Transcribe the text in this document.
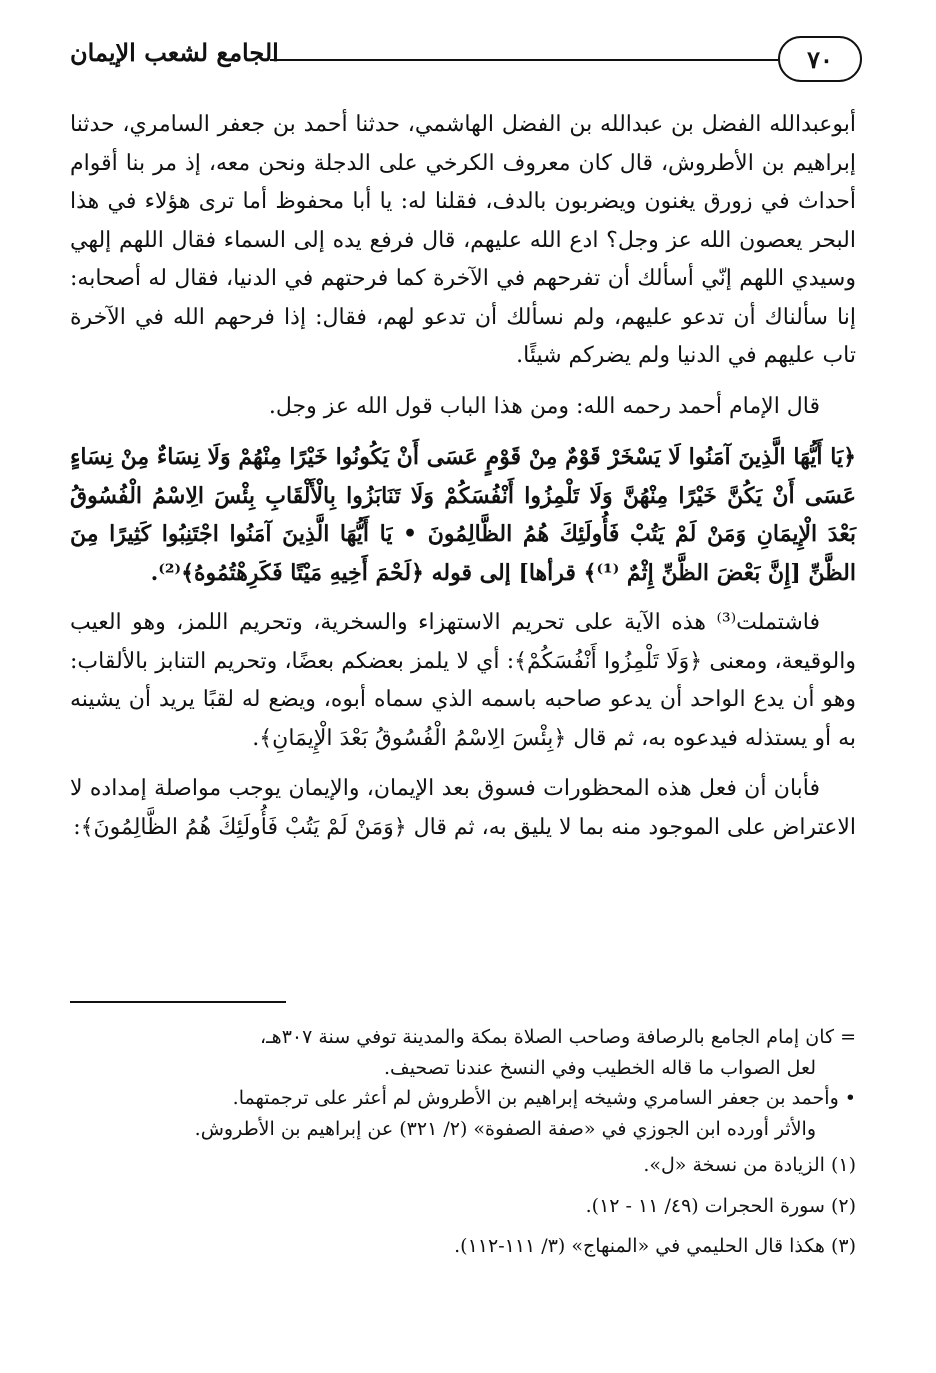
٧٠
الجامع لشعب الإيمان

أبوعبدالله الفضل بن عبدالله بن الفضل الهاشمي، حدثنا أحمد بن جعفر السامري، حدثنا إبراهيم بن الأطروش، قال كان معروف الكرخي على الدجلة ونحن معه، إذ مر بنا أقوام أحداث في زورق يغنون ويضربون بالدف، فقلنا له: يا أبا محفوظ أما ترى هؤلاء في هذا البحر يعصون الله عز وجل؟ ادع الله عليهم، قال فرفع يده إلى السماء فقال اللهم إلهي وسيدي اللهم إنّي أسألك أن تفرحهم في الآخرة كما فرحتهم في الدنيا، فقال له أصحابه: إنا سألناك أن تدعو عليهم، ولم نسألك أن تدعو لهم، فقال: إذا فرحهم الله في الآخرة تاب عليهم في الدنيا ولم يضركم شيئًا.

قال الإمام أحمد رحمه الله: ومن هذا الباب قول الله عز وجل.

﴿يَا أَيُّهَا الَّذِينَ آمَنُوا لَا يَسْخَرْ قَوْمٌ مِنْ قَوْمٍ عَسَى أَنْ يَكُونُوا خَيْرًا مِنْهُمْ وَلَا نِسَاءٌ مِنْ نِسَاءٍ عَسَى أَنْ يَكُنَّ خَيْرًا مِنْهُنَّ وَلَا تَلْمِزُوا أَنْفُسَكُمْ وَلَا تَنَابَزُوا بِالْأَلْقَابِ بِئْسَ الِاسْمُ الْفُسُوقُ بَعْدَ الْإِيمَانِ وَمَنْ لَمْ يَتُبْ فَأُولَئِكَ هُمُ الظَّالِمُونَ • يَا أَيُّهَا الَّذِينَ آمَنُوا اجْتَنِبُوا كَثِيرًا مِنَ الظَّنِّ [إِنَّ بَعْضَ الظَّنِّ إِثْمٌ ⁽¹⁾﴾ قرأها] إلى قوله ﴿لَحْمَ أَخِيهِ مَيْتًا فَكَرِهْتُمُوهُ﴾⁽²⁾.

فاشتملت⁽³⁾ هذه الآية على تحريم الاستهزاء والسخرية، وتحريم اللمز، وهو العيب والوقيعة، ومعنى ﴿وَلَا تَلْمِزُوا أَنْفُسَكُمْ﴾: أي لا يلمز بعضكم بعضًا، وتحريم التنابز بالألقاب: وهو أن يدع الواحد أن يدعو صاحبه باسمه الذي سماه أبوه، ويضع له لقبًا يريد أن يشينه به أو يستذله فيدعوه به، ثم قال ﴿بِئْسَ الِاسْمُ الْفُسُوقُ بَعْدَ الْإِيمَانِ﴾.

فأبان أن فعل هذه المحظورات فسوق بعد الإيمان، والإيمان يوجب مواصلة إمداده لا الاعتراض على الموجود منه بما لا يليق به، ثم قال ﴿وَمَنْ لَمْ يَتُبْ فَأُولَئِكَ هُمُ الظَّالِمُونَ﴾:

= كان إمام الجامع بالرصافة وصاحب الصلاة بمكة والمدينة توفي سنة ٣٠٧هـ،

لعل الصواب ما قاله الخطيب وفي النسخ عندنا تصحيف.

• وأحمد بن جعفر السامري وشيخه إبراهيم بن الأطروش لم أعثر على ترجمتهما.

والأثر أورده ابن الجوزي في «صفة الصفوة» (٢/ ٣٢١) عن إبراهيم بن الأطروش.

(١) الزيادة من نسخة «ل».

(٢) سورة الحجرات (٤٩/ ١١ - ١٢).

(٣) هكذا قال الحليمي في «المنهاج» (٣/ ١١١-١١٢).
